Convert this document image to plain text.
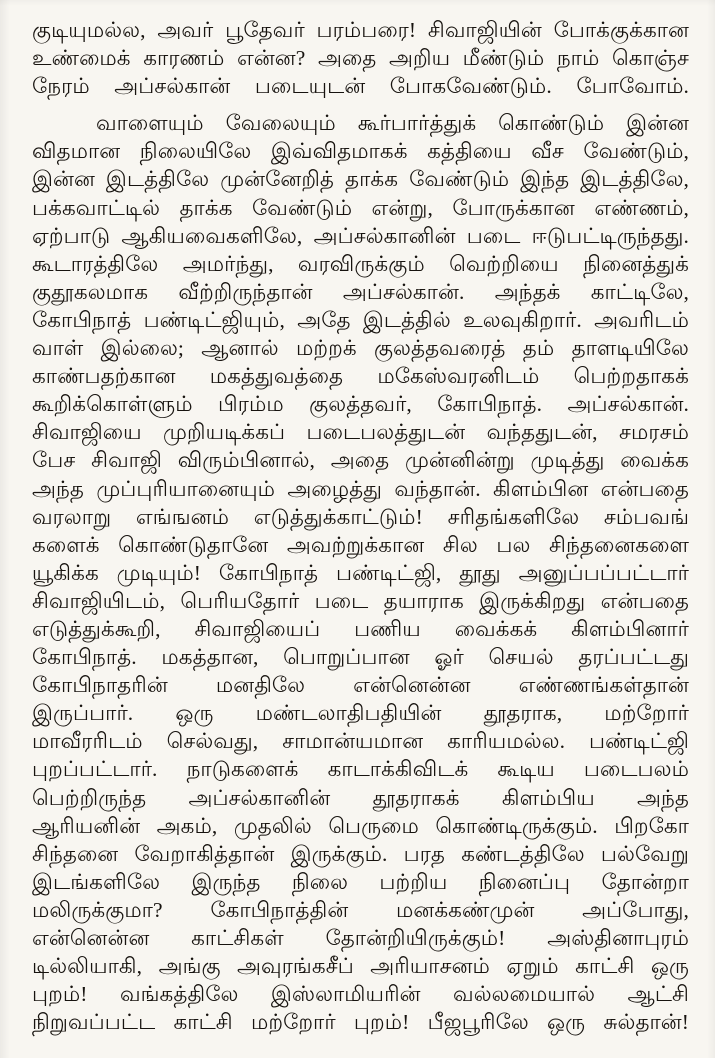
குடியுமல்ல, அவர் பூதேவர் பரம்பரை! சிவாஜியின் போக்குக்கான
உண்மைக் காரணம் என்ன? அதை அறிய மீண்டும் நாம் கொஞ்ச
நேரம் அப்சல்கான் படையுடன் போகவேண்டும். போவோம்.
வாளையும் வேலையும் கூர்பார்த்துக் கொண்டும் இன்ன
விதமான நிலையிலே இவ்விதமாகக் கத்தியை வீச வேண்டும்,
இன்ன இடத்திலே முன்னேறித் தாக்க வேண்டும் இந்த இடத்திலே,
பக்கவாட்டில் தாக்க வேண்டும் என்று, போருக்கான எண்ணம்,
ஏற்பாடு ஆகியவைகளிலே, அப்சல்கானின் படை ஈடுபட்டிருந்தது.
கூடாரத்திலே அமர்ந்து, வரவிருக்கும் வெற்றியை நினைத்துக்
குதூகலமாக வீற்றிருந்தான் அப்சல்கான். அந்தக் காட்டிலே,
கோபிநாத் பண்டிட்ஜியும், அதே இடத்தில் உலவுகிறார். அவரிடம்
வாள் இல்லை; ஆனால் மற்றக் குலத்தவரைத் தம் தாளடியிலே
காண்பதற்கான மகத்துவத்தை மகேஸ்வரனிடம் பெற்றதாகக்
கூறிக்கொள்ளும் பிரம்ம குலத்தவர், கோபிநாத். அப்சல்கான்.
சிவாஜியை முறியடிக்கப் படைபலத்துடன் வந்ததுடன், சமரசம்
பேச சிவாஜி விரும்பினால், அதை முன்னின்று முடித்து வைக்க
அந்த முப்புரியானையும் அழைத்து வந்தான். கிளம்பின என்பதை
வரலாறு எங்ஙனம் எடுத்துக்காட்டும்! சரிதங்களிலே சம்பவங்
களைக் கொண்டுதானே அவற்றுக்கான சில பல சிந்தனைகளை
யூகிக்க முடியும்! கோபிநாத் பண்டிட்ஜி, தூது அனுப்பப்பட்டார்
சிவாஜியிடம், பெரியதோர் படை தயாராக இருக்கிறது என்பதை
எடுத்துக்கூறி, சிவாஜியைப் பணிய வைக்கக் கிளம்பினார்
கோபிநாத். மகத்தான, பொறுப்பான ஓர் செயல் தரப்பட்டது
கோபிநாதரின் மனதிலே என்னென்ன எண்ணங்கள்தான்
இருப்பார். ஒரு மண்டலாதிபதியின் தூதராக, மற்றோர்
மாவீரரிடம் செல்வது, சாமான்யமான காரியமல்ல. பண்டிட்ஜி
புறப்பட்டார். நாடுகளைக் காடாக்கிவிடக் கூடிய படைபலம்
பெற்றிருந்த அப்சல்கானின் தூதராகக் கிளம்பிய அந்த
ஆரியனின் அகம், முதலில் பெருமை கொண்டிருக்கும். பிறகோ
சிந்தனை வேறாகித்தான் இருக்கும். பரத கண்டத்திலே பல்வேறு
இடங்களிலே இருந்த நிலை பற்றிய நினைப்பு தோன்றா
மலிருக்குமா? கோபிநாத்தின் மனக்கண்முன் அப்போது,
என்னென்ன காட்சிகள் தோன்றியிருக்கும்! அஸ்தினாபுரம்
டில்லியாகி, அங்கு அவுரங்கசீப் அரியாசனம் ஏறும் காட்சி ஒரு
புறம்! வங்கத்திலே இஸ்லாமியரின் வல்லமையால் ஆட்சி
நிறுவப்பட்ட காட்சி மற்றோர் புறம்! பீஜபூரிலே ஒரு சுல்தான்!
